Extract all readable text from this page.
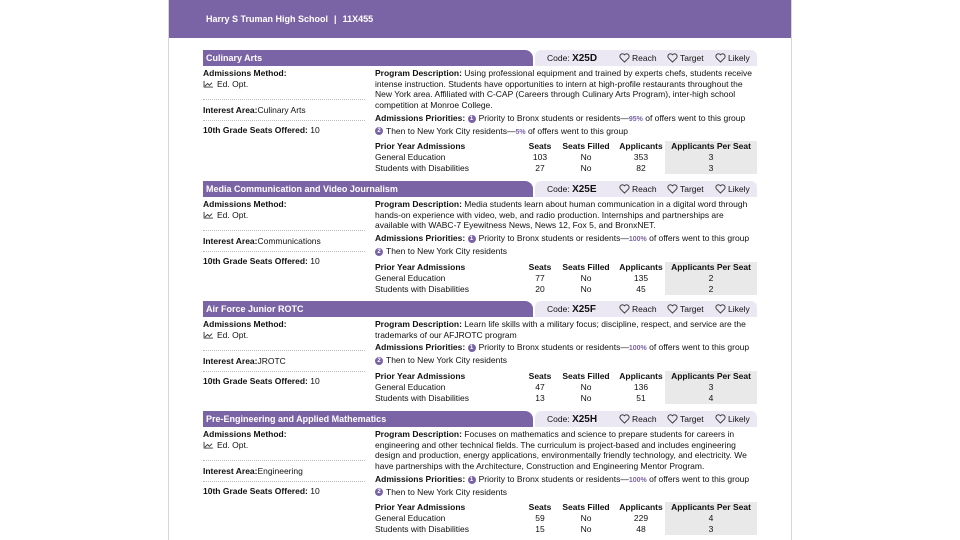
Harry S Truman High School | 11X455
Culinary Arts	Code: X25D	Reach	Target	Likely
Admissions Method:
Ed. Opt.
Interest Area:Culinary Arts
10th Grade Seats Offered: 10

Program Description: Using professional equipment and trained by experts chefs, students receive intense instruction. Students have opportunities to intern at high-profile restaurants throughout the New York area. Affiliated with C-CAP (Careers through Culinary Arts Program), inter-high school competition at Monroe College.

Admissions Priorities: 1 Priority to Bronx students or residents—95% of offers went to this group

2 Then to New York City residents—5% of offers went to this group

Prior Year Admissions	Seats	Seats Filled	Applicants	Applicants Per Seat
General Education	103	No	353	3
Students with Disabilities	27	No	82	3
Media Communication and Video Journalism	Code: X25E	Reach	Target	Likely
Admissions Method:
Ed. Opt.
Interest Area:Communications
10th Grade Seats Offered: 10

Program Description: Media students learn about human communication in a digital word through hands-on experience with video, web, and radio production. Internships and partnerships are available with WABC-7 Eyewitness News, News 12, Fox 5, and BronxNET.

Admissions Priorities: 1 Priority to Bronx students or residents—100% of offers went to this group

2 Then to New York City residents

Prior Year Admissions	Seats	Seats Filled	Applicants	Applicants Per Seat
General Education	77	No	135	2
Students with Disabilities	20	No	45	2
Air Force Junior ROTC	Code: X25F	Reach	Target	Likely
Admissions Method:
Ed. Opt.
Interest Area:JROTC
10th Grade Seats Offered: 10

Program Description: Learn life skills with a military focus; discipline, respect, and service are the trademarks of our AFJROTC program

Admissions Priorities: 1 Priority to Bronx students or residents—100% of offers went to this group

2 Then to New York City residents

Prior Year Admissions	Seats	Seats Filled	Applicants	Applicants Per Seat
General Education	47	No	136	3
Students with Disabilities	13	No	51	4
Pre-Engineering and Applied Mathematics	Code: X25H	Reach	Target	Likely
Admissions Method:
Ed. Opt.
Interest Area:Engineering
10th Grade Seats Offered: 10

Program Description: Focuses on mathematics and science to prepare students for careers in engineering and other technical fields. The curriculum is project-based and includes engineering design and production, energy applications, environmentally friendly technology, and electricity. We have partnerships with the Architecture, Construction and Engineering Mentor Program.

Admissions Priorities: 1 Priority to Bronx students or residents—100% of offers went to this group

2 Then to New York City residents

Prior Year Admissions	Seats	Seats Filled	Applicants	Applicants Per Seat
General Education	59	No	229	4
Students with Disabilities	15	No	48	3
